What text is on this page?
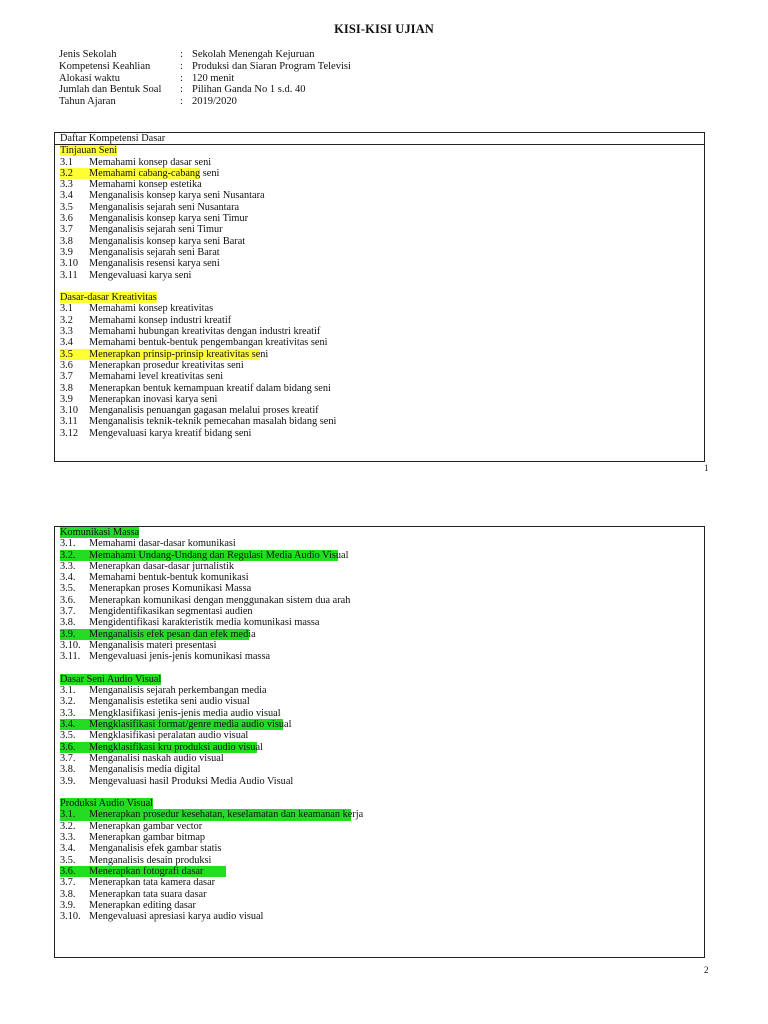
KISI-KISI UJIAN
Jenis Sekolah	: Sekolah Menengah Kejuruan
Kompetensi Keahlian	: Produksi dan Siaran Program Televisi
Alokasi waktu	: 120 menit
Jumlah dan Bentuk Soal : Pilihan Ganda No 1 s.d. 40
Tahun Ajaran	: 2019/2020
Daftar Kompetensi Dasar
Tinjauan Seni
3.1 Memahami konsep dasar seni
3.2 Memahami cabang-cabang seni
3.3 Memahami konsep estetika
3.4 Menganalisis konsep karya seni Nusantara
3.5 Menganalisis sejarah seni Nusantara
3.6 Menganalisis konsep karya seni Timur
3.7 Menganalisis sejarah seni Timur
3.8 Menganalisis konsep karya seni Barat
3.9 Menganalisis sejarah seni Barat
3.10 Menganalisis resensi karya seni
3.11 Mengevaluasi karya seni
Dasar-dasar Kreativitas
3.1 Memahami konsep kreativitas
3.2 Memahami konsep industri kreatif
3.3 Memahami hubungan kreativitas dengan industri kreatif
3.4 Memahami bentuk-bentuk pengembangan kreativitas seni
3.5 Menerapkan prinsip-prinsip kreativitas seni
3.6 Menerapkan prosedur kreativitas seni
3.7 Memahami level kreativitas seni
3.8 Menerapkan bentuk kemampuan kreatif dalam bidang seni
3.9 Menerapkan inovasi karya seni
3.10 Menganalisis penuangan gagasan melalui proses kreatif
3.11 Menganalisis teknik-teknik pemecahan masalah bidang seni
3.12 Mengevaluasi karya kreatif bidang seni
1
Komunikasi Massa
3.1. Memahami dasar-dasar komunikasi
3.2. Memahami Undang-Undang dan Regulasi Media Audio Visual
3.3. Menerapkan dasar-dasar jurnalistik
3.4. Memahami bentuk-bentuk komunikasi
3.5. Menerapkan proses Komunikasi Massa
3.6. Menerapkan komunikasi dengan menggunakan sistem dua arah
3.7. Mengidentifikasikan segmentasi audien
3.8. Mengidentifikasi karakteristik media komunikasi massa
3.9. Menganalisis efek pesan dan efek media
3.10. Menganalisis materi presentasi
3.11. Mengevaluasi jenis-jenis komunikasi massa
Dasar Seni Audio Visual
3.1. Menganalisis sejarah perkembangan media
3.2. Menganalisis estetika seni audio visual
3.3. Mengklasifikasi jenis-jenis media audio visual
3.4. Mengklasifikasi format/genre media audio visual
3.5. Mengklasifikasi peralatan audio visual
3.6. Mengklasifikasi kru produksi audio visual
3.7. Menganalisi naskah audio visual
3.8. Menganalisis media digital
3.9. Mengevaluasi hasil Produksi Media Audio Visual
Produksi Audio Visual
3.1. Menerapkan prosedur kesehatan, keselamatan dan keamanan kerja
3.2. Menerapkan gambar vector
3.3. Menerapkan gambar bitmap
3.4. Menganalisis efek gambar statis
3.5. Menganalisis desain produksi
3.6. Menerapkan fotografi dasar
3.7. Menerapkan tata kamera dasar
3.8. Menerapkan tata suara dasar
3.9. Menerapkan editing dasar
3.10. Mengevaluasi apresiasi karya audio visual
2
